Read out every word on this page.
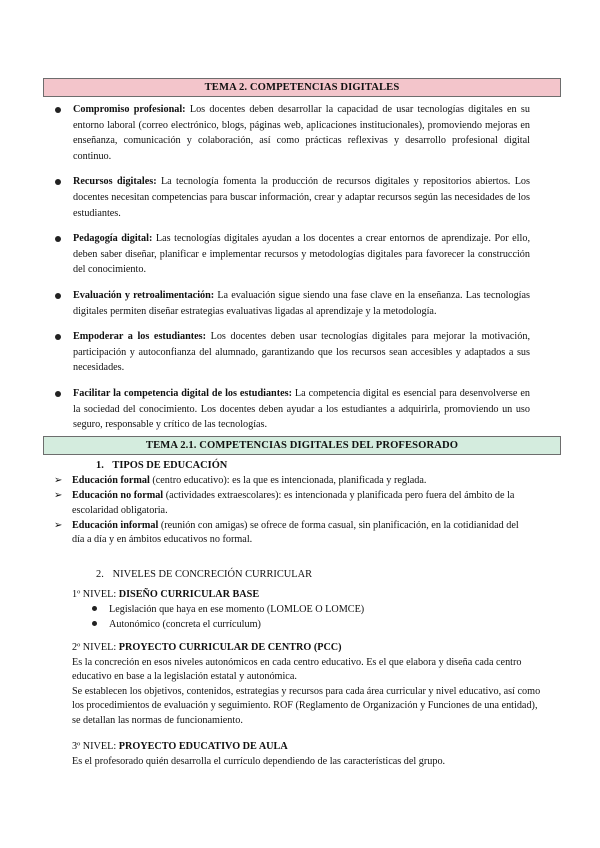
TEMA 2. COMPETENCIAS DIGITALES
Compromiso profesional: Los docentes deben desarrollar la capacidad de usar tecnologías digitales en su entorno laboral (correo electrónico, blogs, páginas web, aplicaciones institucionales), promoviendo mejoras en enseñanza, comunicación y colaboración, así como prácticas reflexivas y desarrollo profesional digital continuo.
Recursos digitales: La tecnología fomenta la producción de recursos digitales y repositorios abiertos. Los docentes necesitan competencias para buscar información, crear y adaptar recursos según las necesidades de los estudiantes.
Pedagogía digital: Las tecnologías digitales ayudan a los docentes a crear entornos de aprendizaje. Por ello, deben saber diseñar, planificar e implementar recursos y metodologías digitales para favorecer la construcción del conocimiento.
Evaluación y retroalimentación: La evaluación sigue siendo una fase clave en la enseñanza. Las tecnologías digitales permiten diseñar estrategias evaluativas ligadas al aprendizaje y la metodología.
Empoderar a los estudiantes: Los docentes deben usar tecnologías digitales para mejorar la motivación, participación y autoconfianza del alumnado, garantizando que los recursos sean accesibles y adaptados a sus necesidades.
Facilitar la competencia digital de los estudiantes: La competencia digital es esencial para desenvolverse en la sociedad del conocimiento. Los docentes deben ayudar a los estudiantes a adquirirla, promoviendo un uso seguro, responsable y crítico de las tecnologías.
TEMA 2.1. COMPETENCIAS DIGITALES DEL PROFESORADO
1. TIPOS DE EDUCACIÓN
➢ Educación formal (centro educativo): es la que es intencionada, planificada y reglada.
➢ Educación no formal (actividades extraescolares): es intencionada y planificada pero fuera del ámbito de la escolaridad obligatoria.
➢ Educación informal (reunión con amigas) se ofrece de forma casual, sin planificación, en la cotidianidad del día a día y en ámbitos educativos no formal.
2. NIVELES DE CONCRECIÓN CURRICULAR
1º NIVEL: DISEÑO CURRICULAR BASE
Legislación que haya en ese momento (LOMLOE O LOMCE)
Autonómico (concreta el currículum)
2º NIVEL: PROYECTO CURRICULAR DE CENTRO (PCC)
Es la concreción en esos niveles autonómicos en cada centro educativo. Es el que elabora y diseña cada centro educativo en base a la legislación estatal y autonómica.
Se establecen los objetivos, contenidos, estrategias y recursos para cada área curricular y nivel educativo, así como los procedimientos de evaluación y seguimiento. ROF (Reglamento de Organización y Funciones de una entidad), se detallan las normas de funcionamiento.
3º NIVEL: PROYECTO EDUCATIVO DE AULA
Es el profesorado quién desarrolla el currículo dependiendo de las características del grupo.
